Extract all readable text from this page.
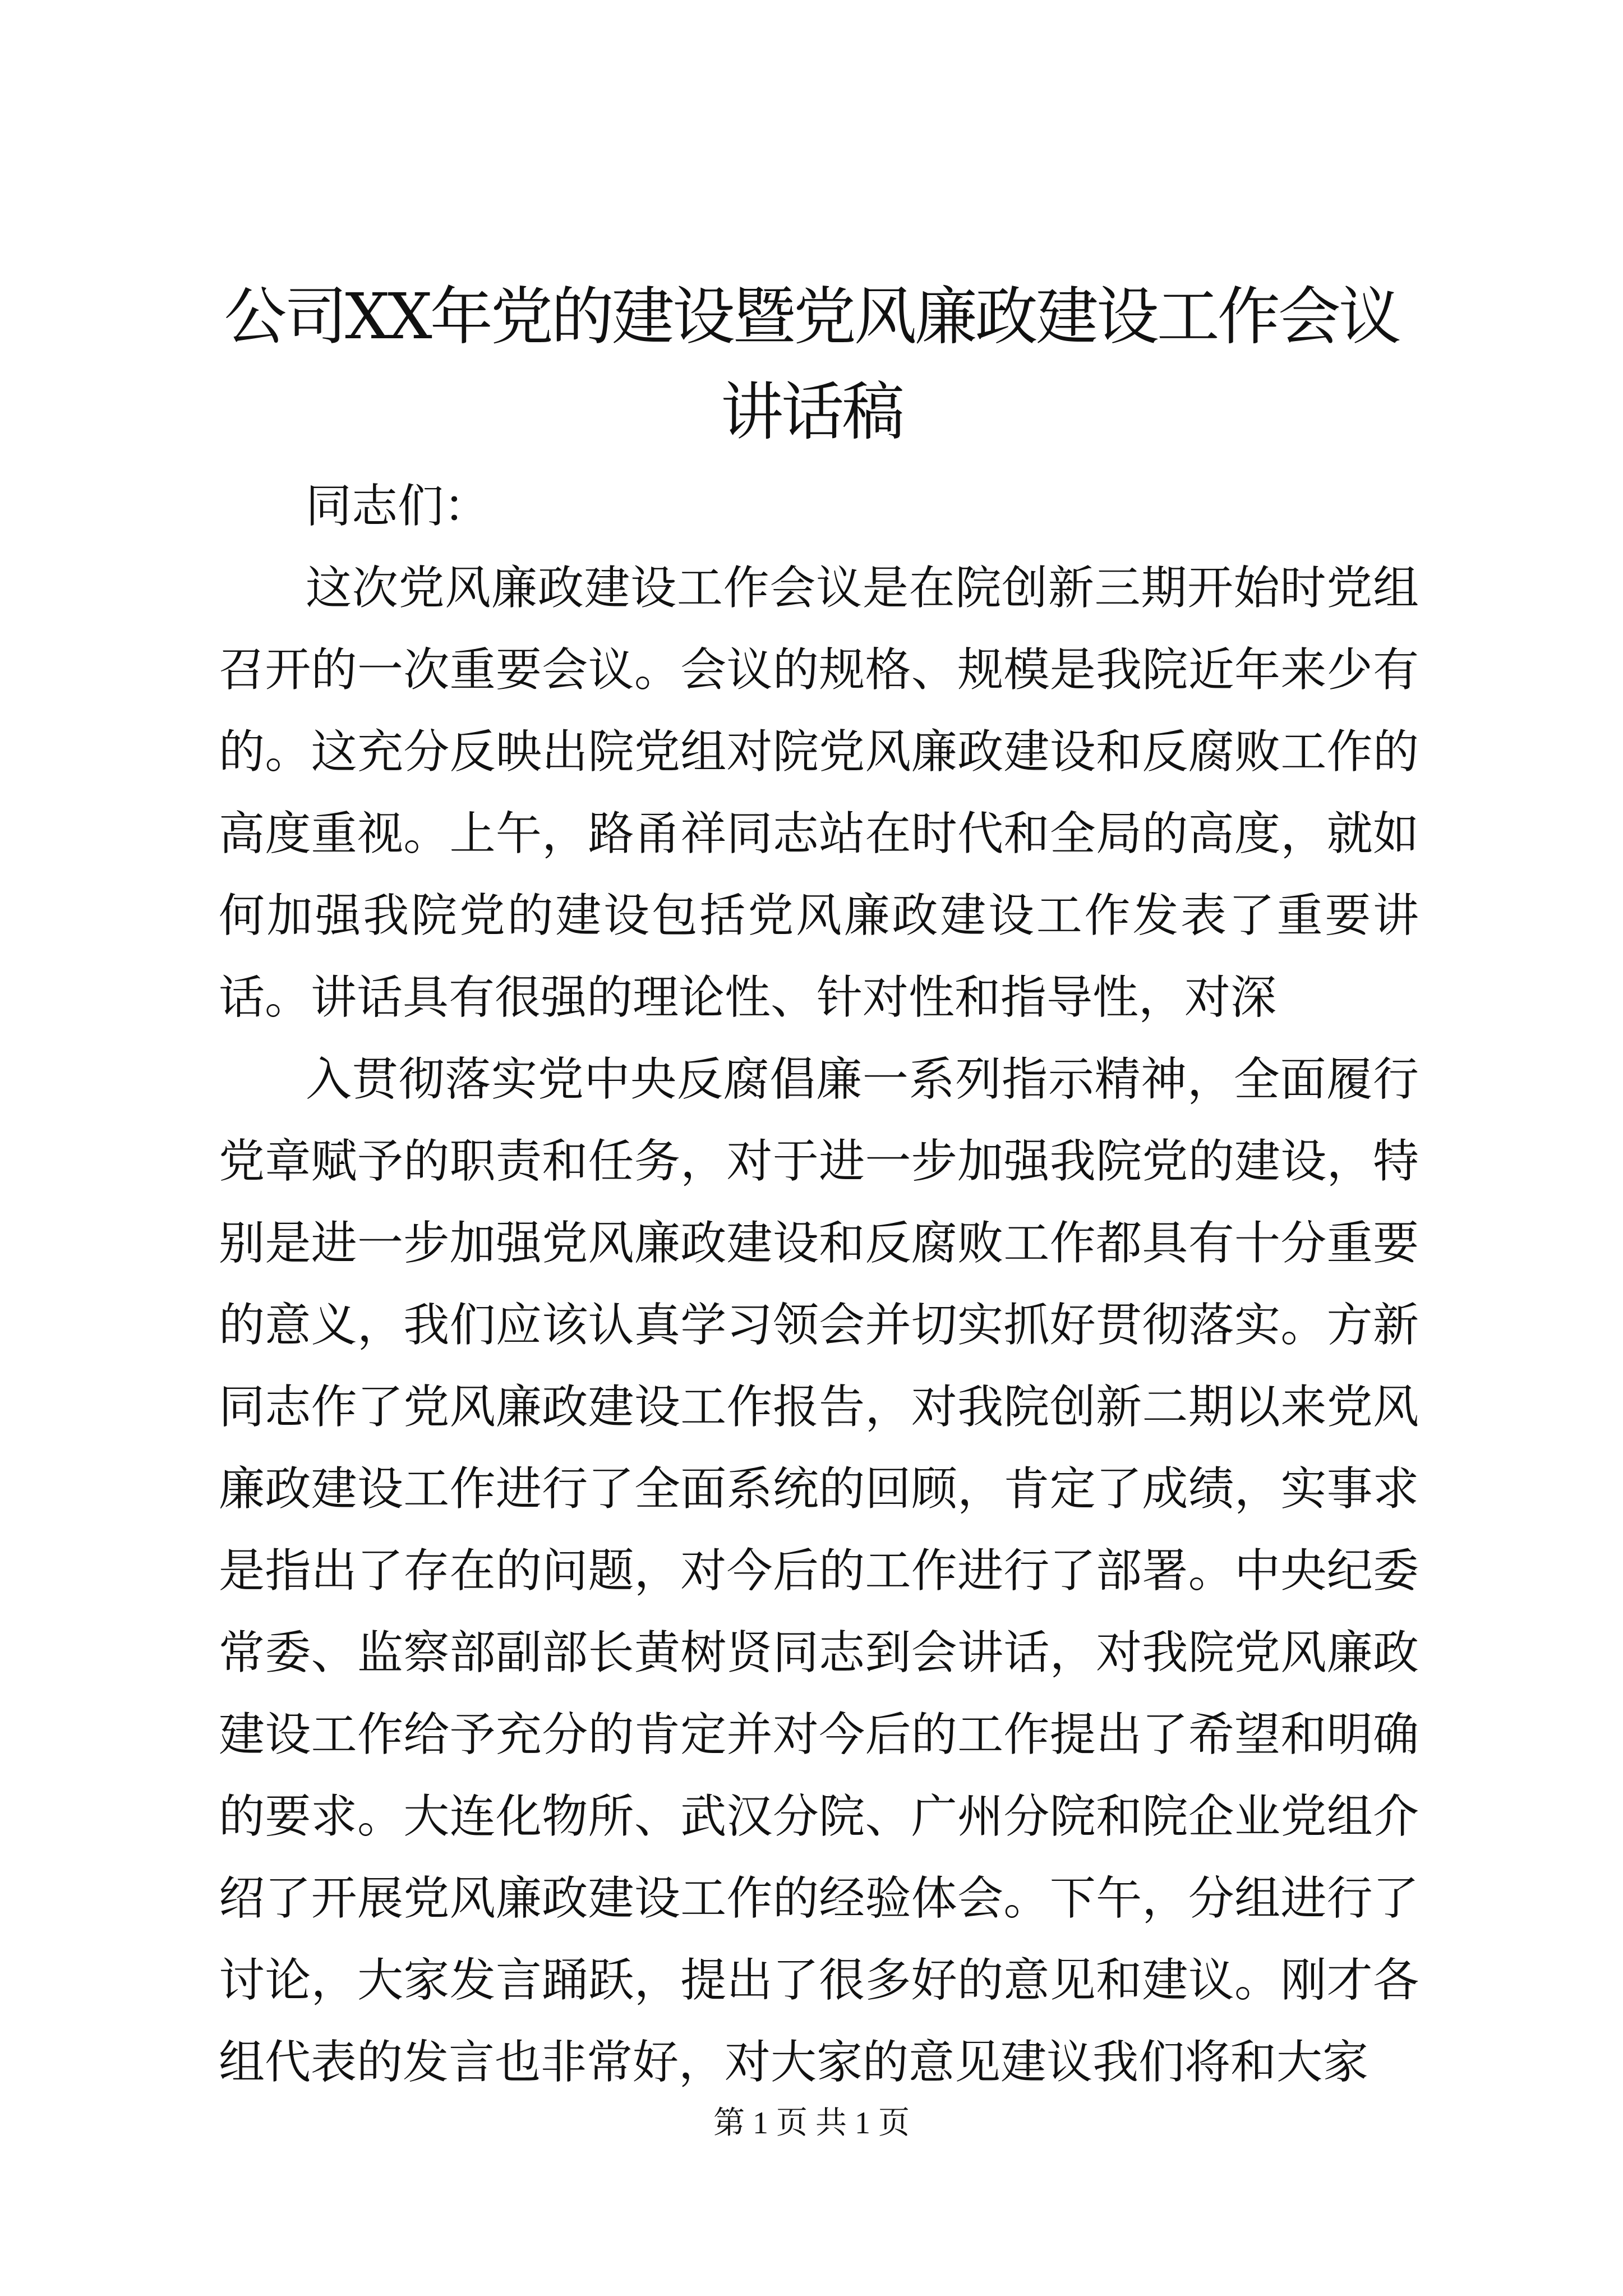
公司XX年党的建设暨党风廉政建设工作会议
讲话稿

同志们：

这次党风廉政建设工作会议是在院创新三期开始时党组召开的一次重要会议。会议的规格、规模是我院近年来少有的。这充分反映出院党组对院党风廉政建设和反腐败工作的高度重视。上午，路甬祥同志站在时代和全局的高度，就如何加强我院党的建设包括党风廉政建设工作发表了重要讲话。讲话具有很强的理论性、针对性和指导性，对深

入贯彻落实党中央反腐倡廉一系列指示精神，全面履行党章赋予的职责和任务，对于进一步加强我院党的建设，特别是进一步加强党风廉政建设和反腐败工作都具有十分重要的意义，我们应该认真学习领会并切实抓好贯彻落实。方新同志作了党风廉政建设工作报告，对我院创新二期以来党风廉政建设工作进行了全面系统的回顾，肯定了成绩，实事求是指出了存在的问题，对今后的工作进行了部署。中央纪委常委、监察部副部长黄树贤同志到会讲话，对我院党风廉政建设工作给予充分的肯定并对今后的工作提出了希望和明确的要求。大连化物所、武汉分院、广州分院和院企业党组介绍了开展党风廉政建设工作的经验体会。下午，分组进行了讨论，大家发言踊跃，提出了很多好的意见和建议。刚才各组代表的发言也非常好，对大家的意见建议我们将和大家

第 1 页 共 1 页
